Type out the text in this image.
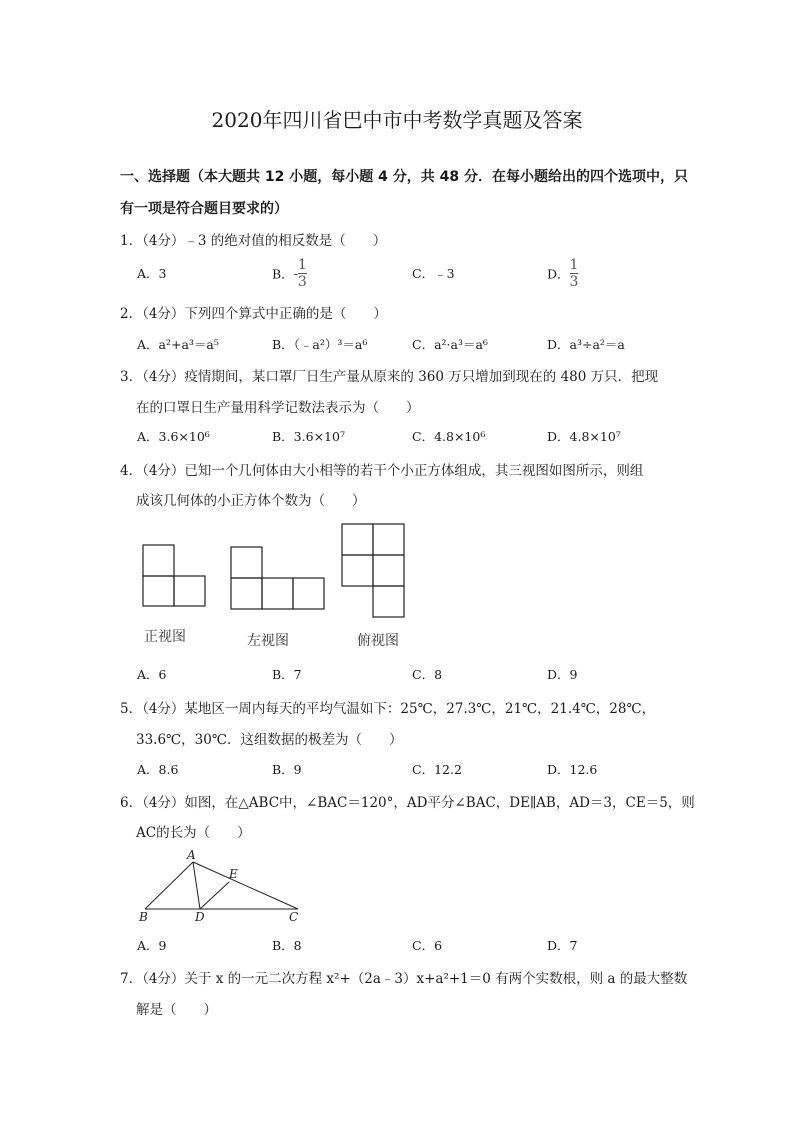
2020年四川省巴中市中考数学真题及答案
一、选择题（本大题共 12 小题，每小题 4 分，共 48 分．在每小题给出的四个选项中，只
有一项是符合题目要求的）
1．（4分）﹣3 的绝对值的相反数是（　　）
A．3	B．- $\frac{1}{3}$	C．﹣3	D． $\frac{1}{3}$
2．（4分）下列四个算式中正确的是（　　）
A．a²+a³＝a⁵	B．（﹣a²）³＝a⁶	C．a²·a³＝a⁶	D．a³÷a²＝a
3．（4分）疫情期间，某口罩厂日生产量从原来的 360 万只增加到现在的 480 万只．把现
在的口罩日生产量用科学记数法表示为（　　）
A．3.6×10⁶	B．3.6×10⁷	C．4.8×10⁶	D．4.8×10⁷
4．（4分）已知一个几何体由大小相等的若干个小正方体组成，其三视图如图所示，则组
成该几何体的小正方体个数为（　　）
正视图	左视图	俯视图
A．6	B．7	C．8	D．9
5．（4分）某地区一周内每天的平均气温如下：25℃，27.3℃，21℃，21.4℃，28℃，
33.6℃，30℃．这组数据的极差为（　　）
A．8.6	B．9	C．12.2	D．12.6
6．（4分）如图，在△ABC中，∠BAC＝120°，AD平分∠BAC，DE∥AB，AD＝3，CE＝5，则
AC的长为（　　）
A
B	D
E
C
A．9	B．8	C．6	D．7
7．（4分）关于 x 的一元二次方程 x²+（2a﹣3）x+a²+1＝0 有两个实数根，则 a 的最大整数
解是（　　）
